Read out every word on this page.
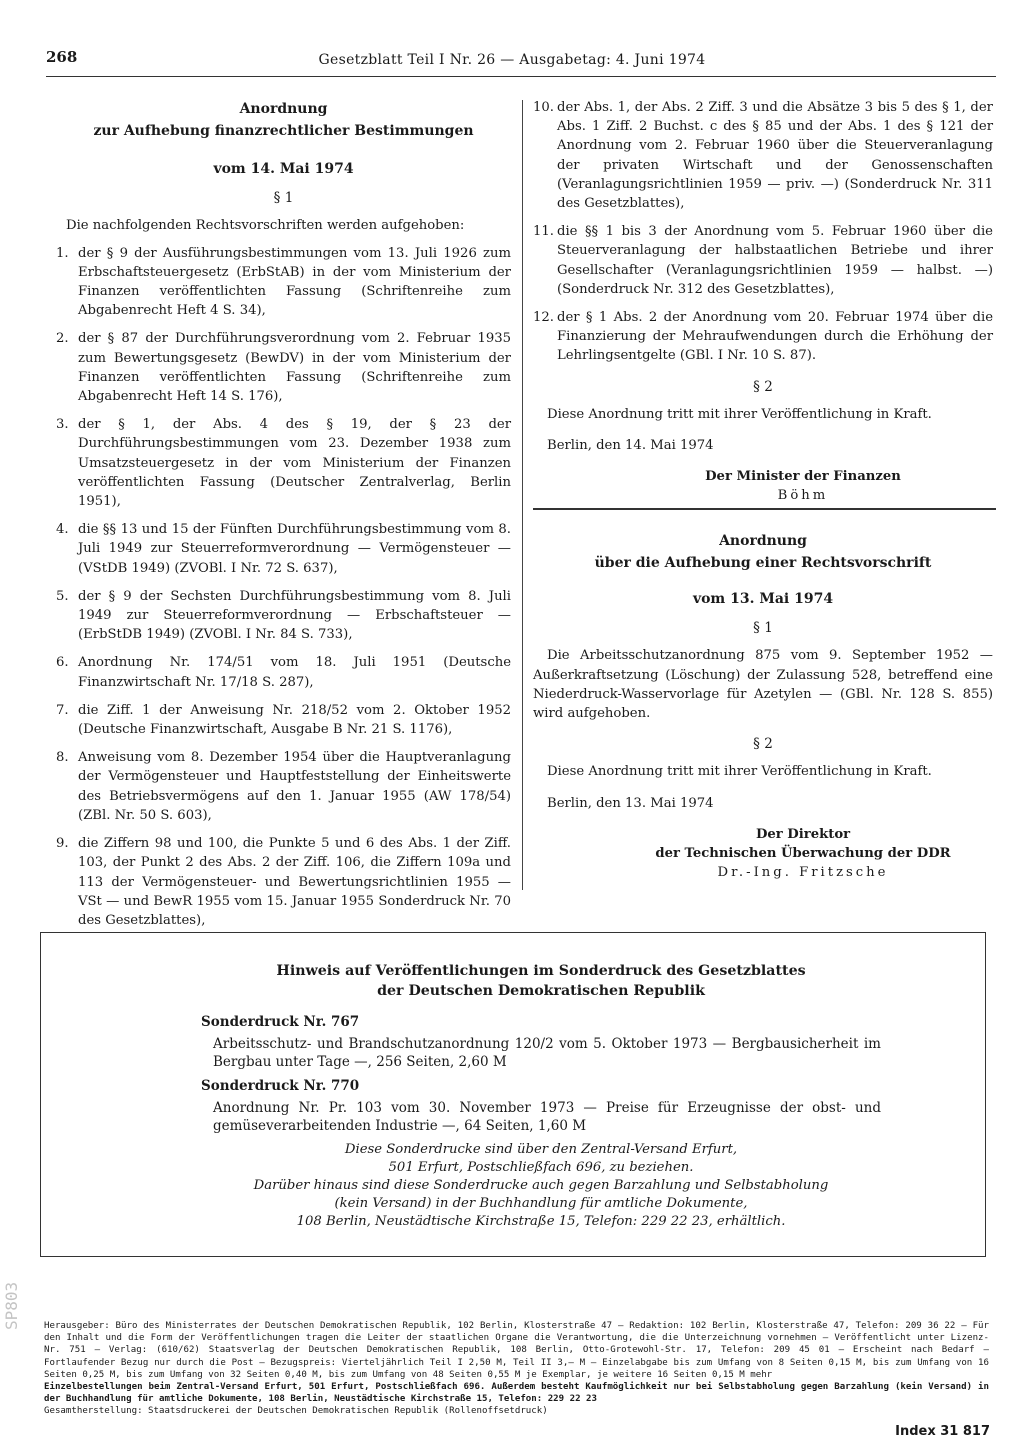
268	Gesetzblatt Teil I Nr. 26 — Ausgabetag: 4. Juni 1974
Anordnung
zur Aufhebung finanzrechtlicher Bestimmungen
vom 14. Mai 1974
§ 1
Die nachfolgenden Rechtsvorschriften werden aufgehoben:
1. der § 9 der Ausführungsbestimmungen vom 13. Juli 1926 zum Erbschaftsteuergesetz (ErbStAB) in der vom Ministerium der Finanzen veröffentlichten Fassung (Schriftenreihe zum Abgabenrecht Heft 4 S. 34),
2. der § 87 der Durchführungsverordnung vom 2. Februar 1935 zum Bewertungsgesetz (BewDV) in der vom Ministerium der Finanzen veröffentlichten Fassung (Schriftenreihe zum Abgabenrecht Heft 14 S. 176),
3. der § 1, der Abs. 4 des § 19, der § 23 der Durchführungsbestimmungen vom 23. Dezember 1938 zum Umsatzsteuergesetz in der vom Ministerium der Finanzen veröffentlichten Fassung (Deutscher Zentralverlag, Berlin 1951),
4. die §§ 13 und 15 der Fünften Durchführungsbestimmung vom 8. Juli 1949 zur Steuerreformverordnung — Vermögensteuer — (VStDB 1949) (ZVOBl. I Nr. 72 S. 637),
5. der § 9 der Sechsten Durchführungsbestimmung vom 8. Juli 1949 zur Steuerreformverordnung — Erbschaftsteuer — (ErbStDB 1949) (ZVOBl. I Nr. 84 S. 733),
6. Anordnung Nr. 174/51 vom 18. Juli 1951 (Deutsche Finanzwirtschaft Nr. 17/18 S. 287),
7. die Ziff. 1 der Anweisung Nr. 218/52 vom 2. Oktober 1952 (Deutsche Finanzwirtschaft, Ausgabe B Nr. 21 S. 1176),
8. Anweisung vom 8. Dezember 1954 über die Hauptveranlagung der Vermögensteuer und Hauptfeststellung der Einheitswerte des Betriebsvermögens auf den 1. Januar 1955 (AW 178/54) (ZBl. Nr. 50 S. 603),
9. die Ziffern 98 und 100, die Punkte 5 und 6 des Abs. 1 der Ziff. 103, der Punkt 2 des Abs. 2 der Ziff. 106, die Ziffern 109a und 113 der Vermögensteuer- und Bewertungsrichtlinien 1955 — VSt — und BewR 1955 vom 15. Januar 1955 Sonderdruck Nr. 70 des Gesetzblattes),
10. der Abs. 1, der Abs. 2 Ziff. 3 und die Absätze 3 bis 5 des § 1, der Abs. 1 Ziff. 2 Buchst. c des § 85 und der Abs. 1 des § 121 der Anordnung vom 2. Februar 1960 über die Steuerveranlagung der privaten Wirtschaft und der Genossenschaften (Veranlagungsrichtlinien 1959 — priv. —) (Sonderdruck Nr. 311 des Gesetzblattes),
11. die §§ 1 bis 3 der Anordnung vom 5. Februar 1960 über die Steuerveranlagung der halbstaatlichen Betriebe und ihrer Gesellschafter (Veranlagungsrichtlinien 1959 — halbst. —) (Sonderdruck Nr. 312 des Gesetzblattes),
12. der § 1 Abs. 2 der Anordnung vom 20. Februar 1974 über die Finanzierung der Mehraufwendungen durch die Erhöhung der Lehrlingsentgelte (GBl. I Nr. 10 S. 87).
§ 2
Diese Anordnung tritt mit ihrer Veröffentlichung in Kraft.
Berlin, den 14. Mai 1974
Der Minister der Finanzen
Böhm
Anordnung
über die Aufhebung einer Rechtsvorschrift
vom 13. Mai 1974
§ 1
Die Arbeitsschutzanordnung 875 vom 9. September 1952 — Außerkraftsetzung (Löschung) der Zulassung 528, betreffend eine Niederdruck-Wasservorlage für Azetylen — (GBl. Nr. 128 S. 855) wird aufgehoben.
§ 2
Diese Anordnung tritt mit ihrer Veröffentlichung in Kraft.
Berlin, den 13. Mai 1974
Der Direktor
der Technischen Überwachung der DDR
Dr.-Ing. Fritzsche
Hinweis auf Veröffentlichungen im Sonderdruck des Gesetzblattes
der Deutschen Demokratischen Republik
Sonderdruck Nr. 767
Arbeitsschutz- und Brandschutzanordnung 120/2 vom 5. Oktober 1973 — Bergbausicherheit im Bergbau unter Tage —, 256 Seiten, 2,60 M
Sonderdruck Nr. 770
Anordnung Nr. Pr. 103 vom 30. November 1973 — Preise für Erzeugnisse der obst- und gemüseverarbeitenden Industrie —, 64 Seiten, 1,60 M

Diese Sonderdrucke sind über den Zentral-Versand Erfurt,

501 Erfurt, Postschließfach 696, zu beziehen.

Darüber hinaus sind diese Sonderdrucke auch gegen Barzahlung und Selbstabholung

(kein Versand) in der Buchhandlung für amtliche Dokumente,

108 Berlin, Neustädtische Kirchstraße 15, Telefon: 229 22 23, erhältlich.

Herausgeber: Büro des Ministerrates der Deutschen Demokratischen Republik, 102 Berlin, Klosterstraße 47 — Redaktion: 102 Berlin, Klosterstraße 47, Telefon: 209 36 22 — Für den Inhalt und die Form der Veröffentlichungen tragen die Leiter der staatlichen Organe die Verantwortung, die die Unterzeichnung vornehmen — Veröffentlicht unter Lizenz-Nr. 751 — Verlag: (610/62) Staatsverlag der Deutschen Demokratischen Republik, 108 Berlin, Otto-Grotewohl-Str. 17, Telefon: 209 45 01 — Erscheint nach Bedarf — Fortlaufender Bezug nur durch die Post — Bezugspreis: Vierteljährlich Teil I 2,50 M, Teil II 3,— M — Einzelabgabe bis zum Umfang von 8 Seiten 0,15 M, bis zum Umfang von 16 Seiten 0,25 M, bis zum Umfang von 32 Seiten 0,40 M, bis zum Umfang von 48 Seiten 0,55 M je Exemplar, je weitere 16 Seiten 0,15 M mehr

Einzelbestellungen beim Zentral-Versand Erfurt, 501 Erfurt, Postschließfach 696. Außerdem besteht Kaufmöglichkeit nur bei Selbstabholung gegen Barzahlung (kein Versand) in der Buchhandlung für amtliche Dokumente, 108 Berlin, Neustädtische Kirchstraße 15, Telefon: 229 22 23

Gesamtherstellung: Staatsdruckerei der Deutschen Demokratischen Republik (Rollenoffsetdruck)

Index 31 817
SP803
